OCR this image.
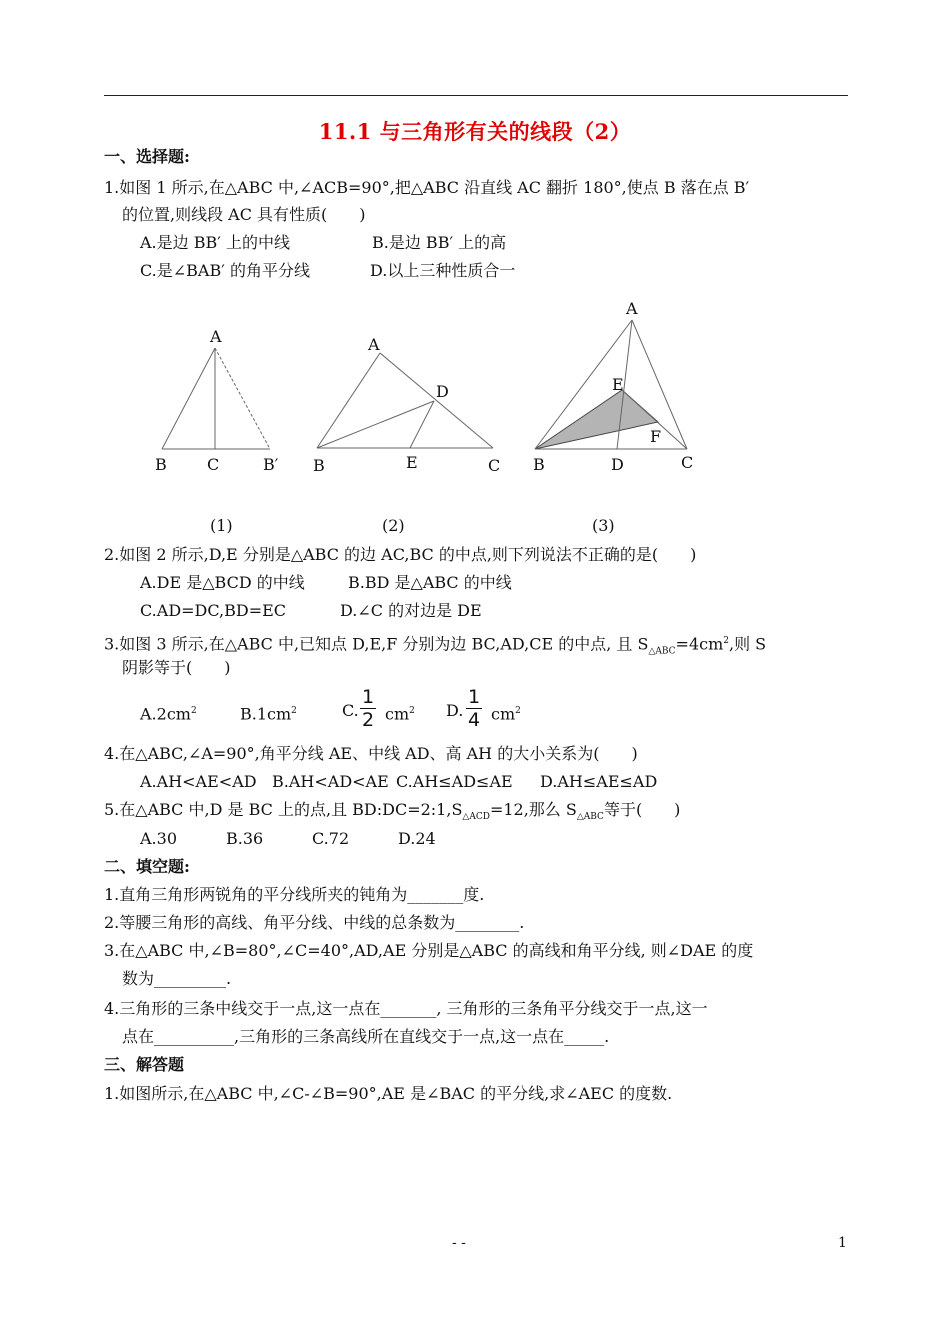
11.1 与三角形有关的线段（2）
一、选择题:
1.如图 1 所示,在△ABC 中,∠ACB=90°,把△ABC 沿直线 AC 翻折 180°,使点 B 落在点 B′
的位置,则线段 AC 具有性质(　　)
A.是边 BB′ 上的中线	B.是边 BB′ 上的高
C.是∠BAB′ 的角平分线	D.以上三种性质合一
A
B	C	B′
A
B	C
D
E
A
E
F
B	D	C
(1)	(2)	(3)
2.如图 2 所示,D,E 分别是△ABC 的边 AC,BC 的中点,则下列说法不正确的是(　　)
A.DE 是△BCD 的中线	B.BD 是△ABC 的中线
C.AD=DC,BD=EC	D.∠C 的对边是 DE
3.如图 3 所示,在△ABC 中,已知点 D,E,F 分别为边 BC,AD,CE 的中点, 且 $S_{\triangle ABC}=4cm^2$,则 S
阴影等于(　　)
$A.2cm^2$	$B.1cm^2$	C. $\frac{1}{2} cm^2$ D. $\frac{1}{4} cm^2$
4.在△ABC,∠A=90°,角平分线 AE、中线 AD、高 AH 的大小关系为(　　)
A.AH<AE<AD B.AH<AD<AE C.AH≤AD≤AE D.AH≤AE≤AD
5.在△ABC 中,D 是 BC 上的点,且 $BD:DC=2:1,S_{\triangle ACD}=12$,那么 $S_{\triangle ABC}$等于(　　)
A.30	B.36	C.72	D.24
二、填空题:
1.直角三角形两锐角的平分线所夹的钝角为_______度.
2.等腰三角形的高线、角平分线、中线的总条数为________.
3.在△ABC 中,∠B=80°,∠C=40°,AD,AE 分别是△ABC 的高线和角平分线, 则∠DAE 的度
数为_________.
4.三角形的三条中线交于一点,这一点在_______, 三角形的三条角平分线交于一点,这一
点在__________,三角形的三条高线所在直线交于一点,这一点在_____.
三、解答题
1.如图所示,在△ABC 中,∠C-∠B=90°,AE 是∠BAC 的平分线,求∠AEC 的度数.
- -	1
